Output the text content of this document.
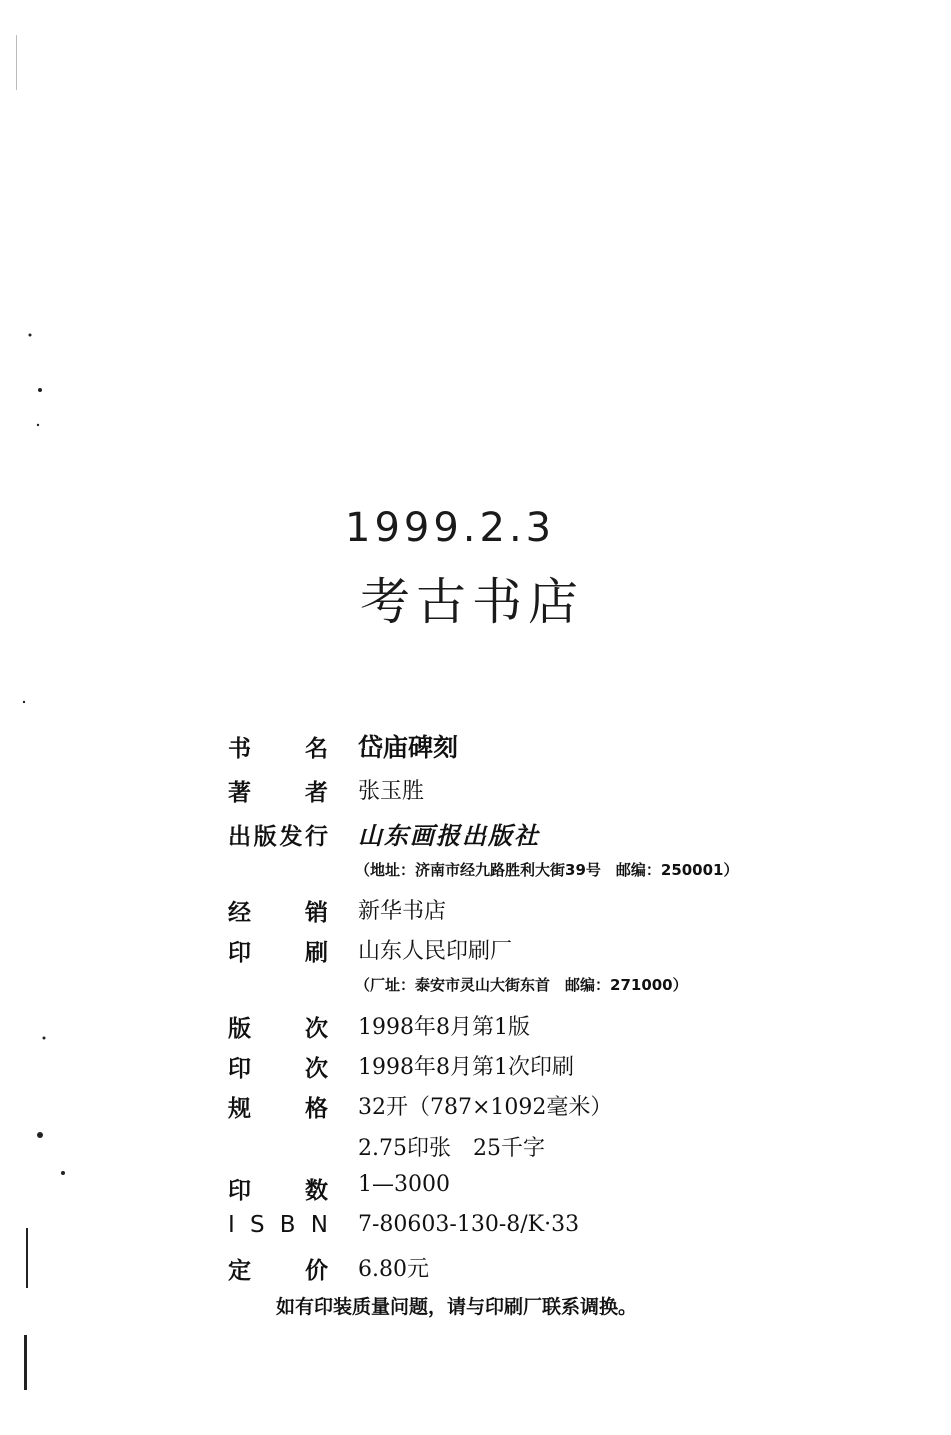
1999.2.3
考古书店
书名 岱庙碑刻
著者 张玉胜
出版发行 山东画报出版社
（地址：济南市经九路胜利大街39号　邮编：250001）
经销 新华书店
印刷 山东人民印刷厂
（厂址：泰安市灵山大街东首　邮编：271000）
版次 1998年8月第1版
印次 1998年8月第1次印刷
规格 32开（787×1092毫米）
2.75印张　25千字
印数 1—3000
I S B N 7-80603-130-8/K·33
定价 6.80元
如有印装质量问题，请与印刷厂联系调换。
